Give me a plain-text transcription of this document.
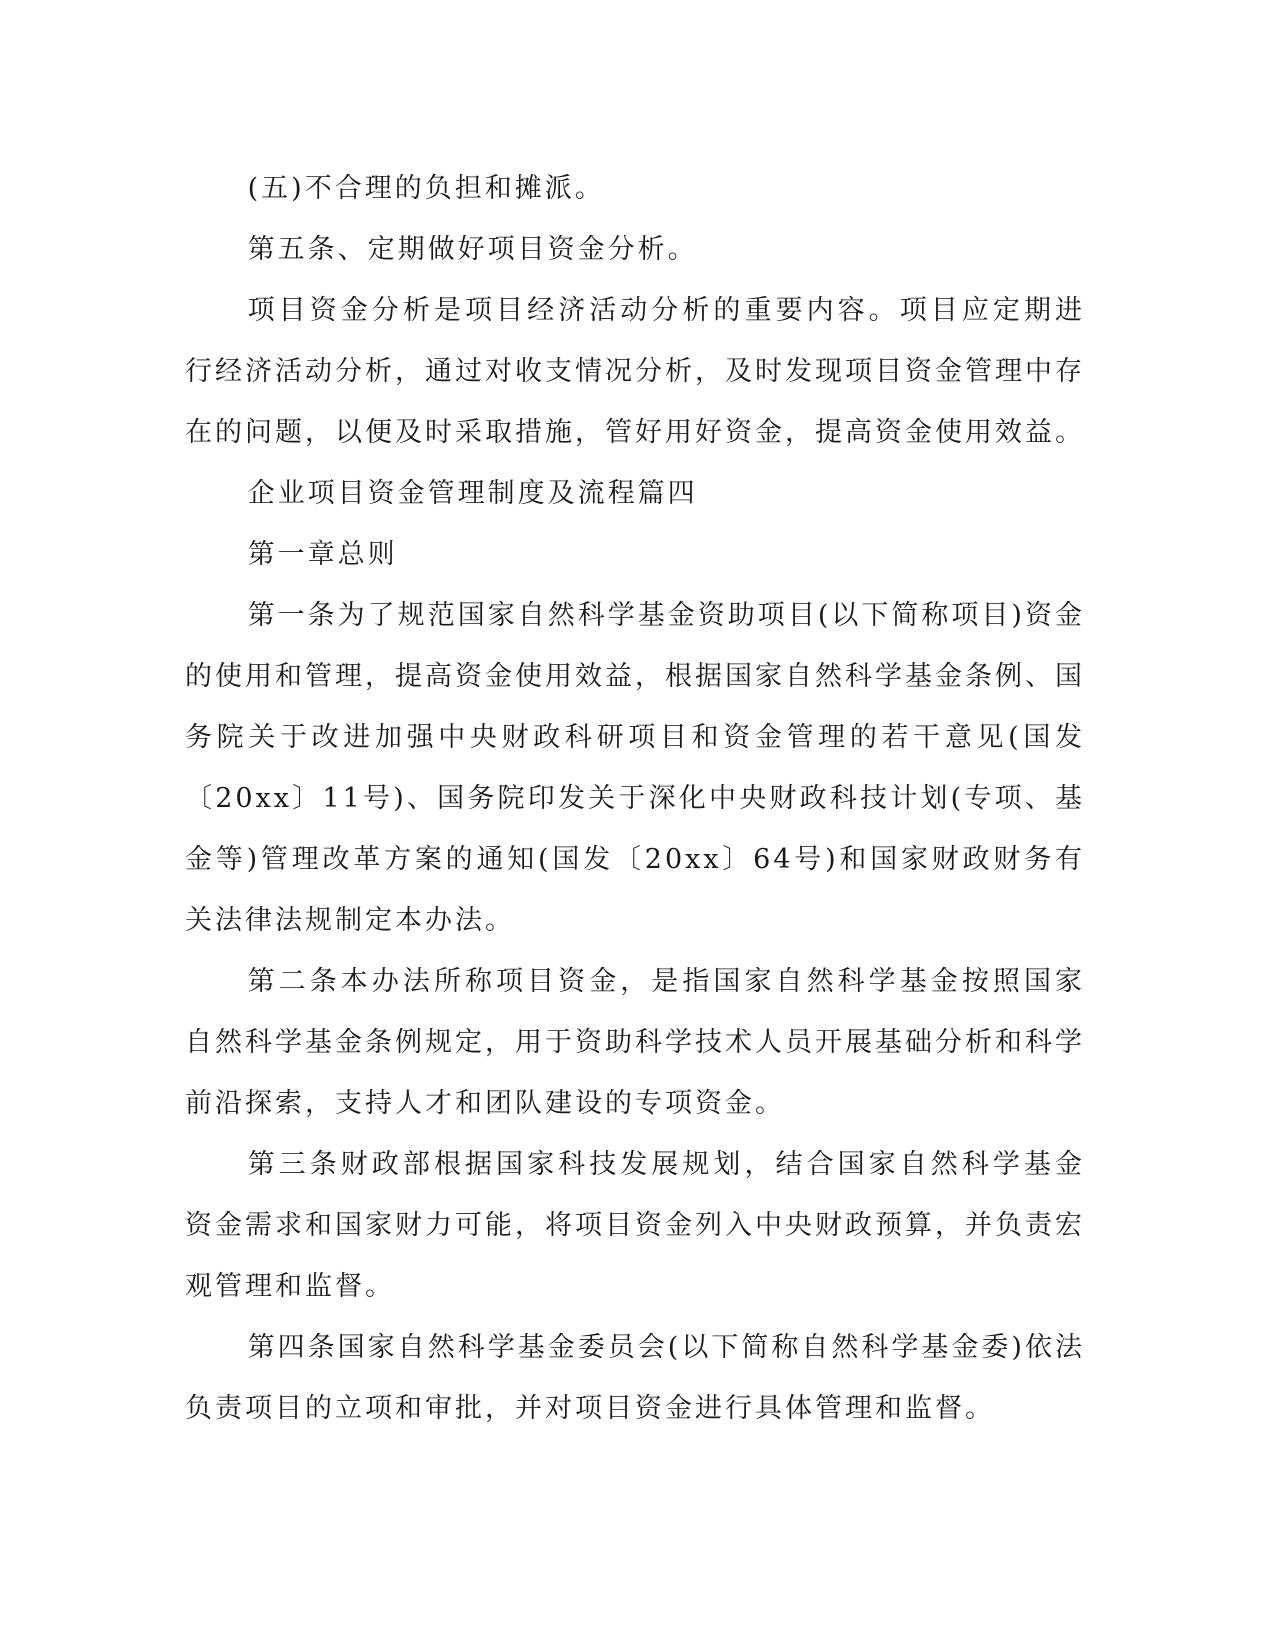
(五)不合理的负担和摊派。

第五条、定期做好项目资金分析。

项目资金分析是项目经济活动分析的重要内容。项目应定期进行经济活动分析，通过对收支情况分析，及时发现项目资金管理中存在的问题，以便及时采取措施，管好用好资金，提高资金使用效益。

企业项目资金管理制度及流程篇四

第一章总则

第一条为了规范国家自然科学基金资助项目(以下简称项目)资金的使用和管理，提高资金使用效益，根据国家自然科学基金条例、国务院关于改进加强中央财政科研项目和资金管理的若干意见(国发〔20xx〕11号)、国务院印发关于深化中央财政科技计划(专项、基金等)管理改革方案的通知(国发〔20xx〕64号)和国家财政财务有关法律法规制定本办法。

第二条本办法所称项目资金，是指国家自然科学基金按照国家自然科学基金条例规定，用于资助科学技术人员开展基础分析和科学前沿探索，支持人才和团队建设的专项资金。

第三条财政部根据国家科技发展规划，结合国家自然科学基金资金需求和国家财力可能，将项目资金列入中央财政预算，并负责宏观管理和监督。

第四条国家自然科学基金委员会(以下简称自然科学基金委)依法负责项目的立项和审批，并对项目资金进行具体管理和监督。
